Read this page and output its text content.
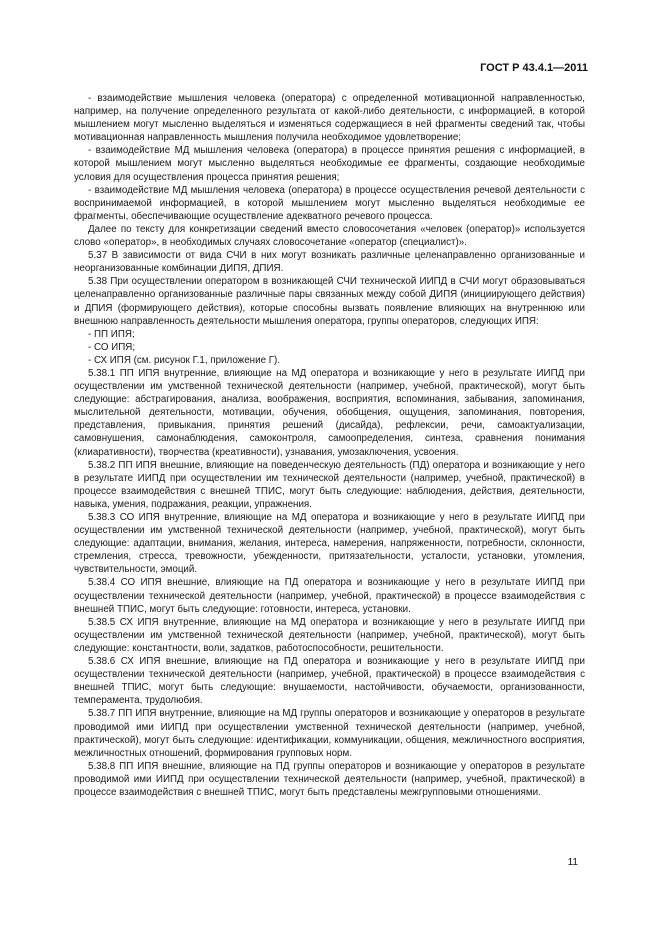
ГОСТ Р 43.4.1—2011

- взаимодействие мышления человека (оператора) с определенной мотивационной направленностью, например, на получение определенного результата от какой-либо деятельности, с информацией, в которой мышлением могут мысленно выделяться и изменяться содержащиеся в ней фрагменты сведений так, чтобы мотивационная направленность мышления получила необходимое удовлетворение;

- взаимодействие МД мышления человека (оператора) в процессе принятия решения с информацией, в которой мышлением могут мысленно выделяться необходимые ее фрагменты, создающие необходимые условия для осуществления процесса принятия решения;

- взаимодействие МД мышления человека (оператора) в процессе осуществления речевой деятельности с воспринимаемой информацией, в которой мышлением могут мысленно выделяться необходимые ее фрагменты, обеспечивающие осуществление адекватного речевого процесса.

Далее по тексту для конкретизации сведений вместо словосочетания «человек (оператор)» используется слово «оператор», в необходимых случаях словосочетание «оператор (специалист)».

5.37 В зависимости от вида СЧИ в них могут возникать различные целенаправленно организованные и неорганизованные комбинации ДИПЯ, ДПИЯ.

5.38 При осуществлении оператором в возникающей СЧИ технической ИИПД в СЧИ могут образовываться целенаправленно организованные различные пары связанных между собой ДИПЯ (инициирующего действия) и ДПИЯ (формирующего действия), которые способны вызвать появление влияющих на внутреннюю или внешнюю направленность деятельности мышления оператора, группы операторов, следующих ИПЯ:

- ПП ИПЯ;

- СО ИПЯ;

- СХ ИПЯ (см. рисунок Г.1, приложение Г).

5.38.1 ПП ИПЯ внутренние, влияющие на МД оператора и возникающие у него в результате ИИПД при осуществлении им умственной технической деятельности (например, учебной, практической), могут быть следующие: абстрагирования, анализа, воображения, восприятия, вспоминания, забывания, запоминания, мыслительной деятельности, мотивации, обучения, обобщения, ощущения, запоминания, повторения, представления, привыкания, принятия решений (дисайда), рефлексии, речи, самоактуализации, самовнушения, самонаблюдения, самоконтроля, самоопределения, синтеза, сравнения понимания (клиаративности), творчества (креативности), узнавания, умозаключения, усвоения.

5.38.2 ПП ИПЯ внешние, влияющие на поведенческую деятельность (ПД) оператора и возникающие у него в результате ИИПД при осуществлении им технической деятельности (например, учебной, практической) в процессе взаимодействия с внешней ТПИС, могут быть следующие: наблюдения, действия, деятельности, навыка, умения, подражания, реакции, упражнения.

5.38.3 СО ИПЯ внутренние, влияющие на МД оператора и возникающие у него в результате ИИПД при осуществлении им умственной технической деятельности (например, учебной, практической), могут быть следующие: адаптации, внимания, желания, интереса, намерения, напряженности, потребности, склонности, стремления, стресса, тревожности, убежденности, притязательности, усталости, установки, утомления, чувствительности, эмоций.

5.38.4 СО ИПЯ внешние, влияющие на ПД оператора и возникающие у него в результате ИИПД при осуществлении технической деятельности (например, учебной, практической) в процессе взаимодействия с внешней ТПИС, могут быть следующие: готовности, интереса, установки.

5.38.5 СХ ИПЯ внутренние, влияющие на МД оператора и возникающие у него в результате ИИПД при осуществлении им умственной технической деятельности (например, учебной, практической), могут быть следующие: константности, воли, задатков, работоспособности, решительности.

5.38.6 СХ ИПЯ внешние, влияющие на ПД оператора и возникающие у него в результате ИИПД при осуществлении технической деятельности (например, учебной, практической) в процессе взаимодействия с внешней ТПИС, могут быть следующие: внушаемости, настойчивости, обучаемости, организованности, темперамента, трудолюбия.

5.38.7 ПП ИПЯ внутренние, влияющие на МД группы операторов и возникающие у операторов в результате проводимой ими ИИПД при осуществлении умственной технической деятельности (например, учебной, практической), могут быть следующие: идентификации, коммуникации, общения, межличностного восприятия, межличностных отношений, формирования групповых норм.

5.38.8 ПП ИПЯ внешние, влияющие на ПД группы операторов и возникающие у операторов в результате проводимой ими ИИПД при осуществлении технической деятельности (например, учебной, практической) в процессе взаимодействия с внешней ТПИС, могут быть представлены межгрупповыми отношениями.

11
